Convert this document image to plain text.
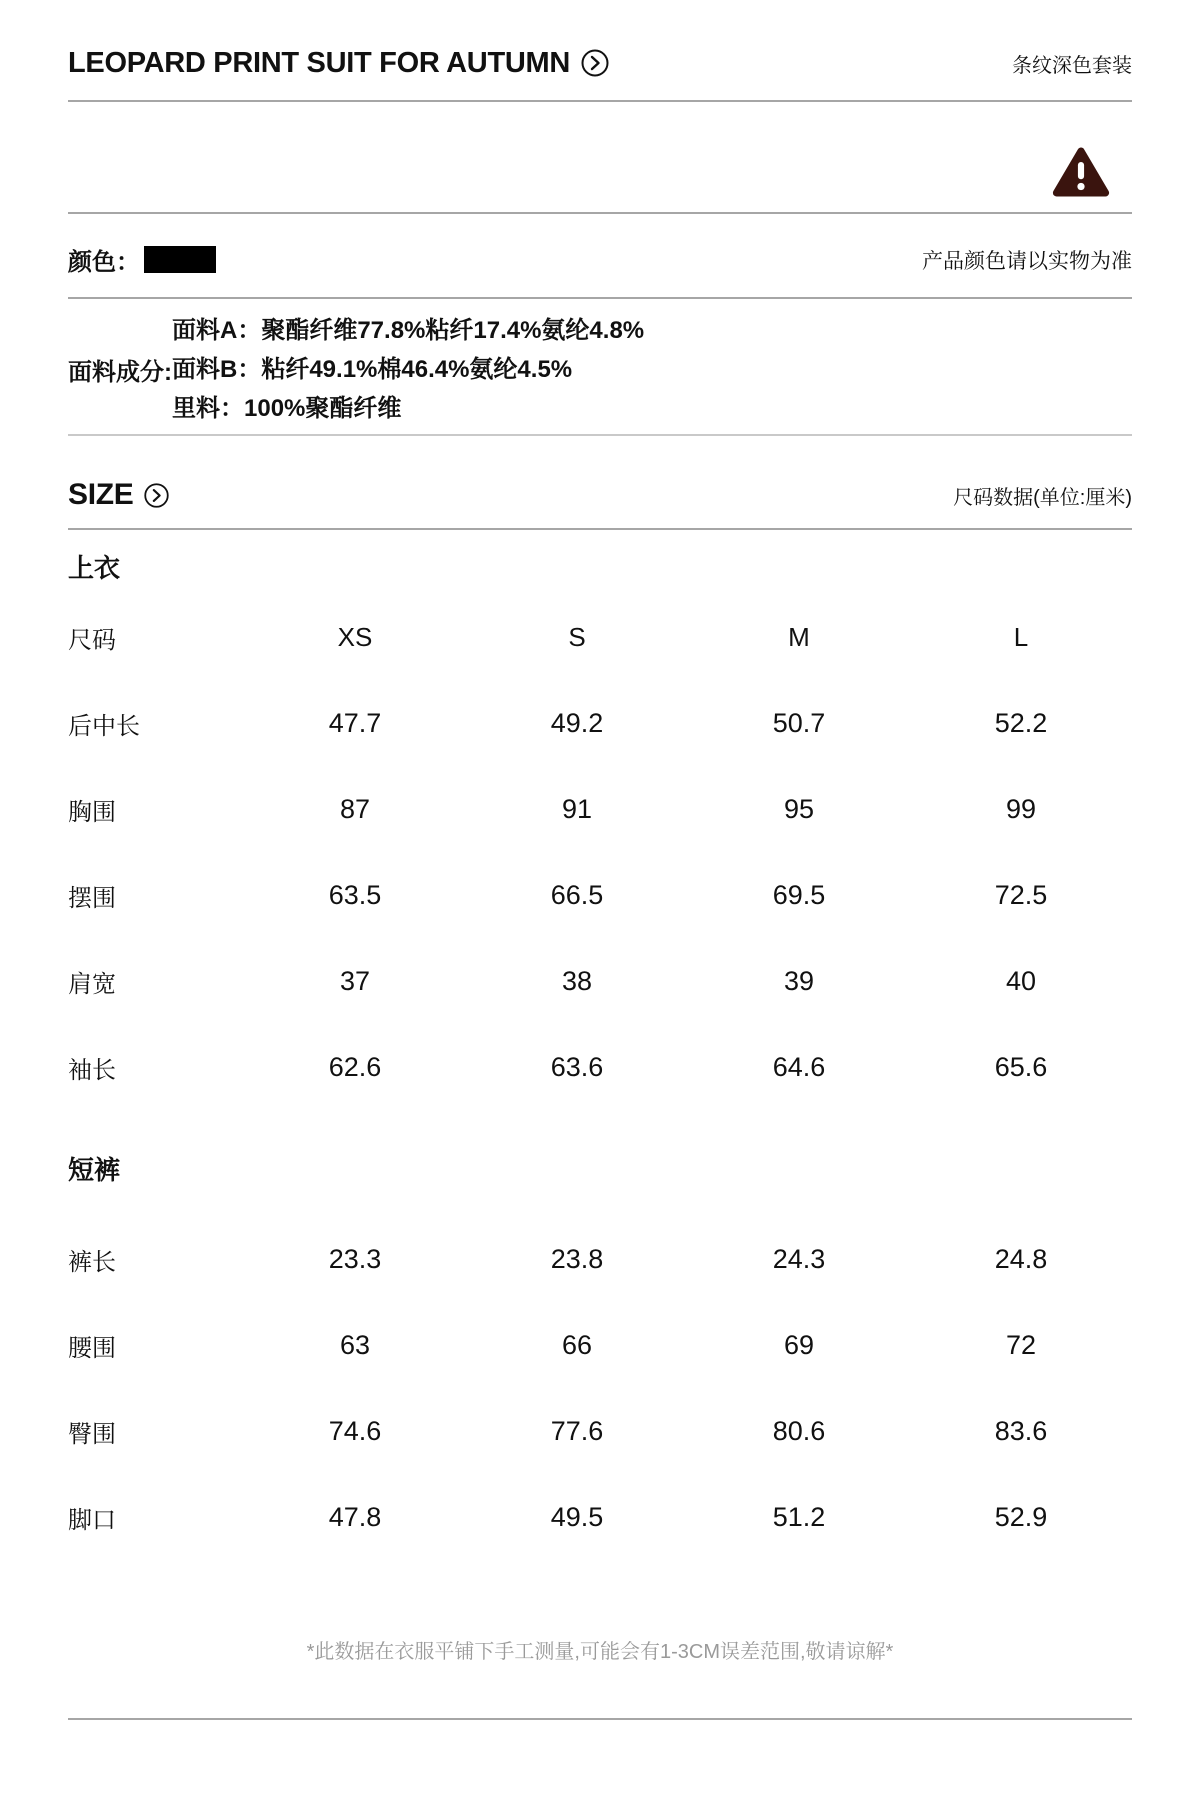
LEOPARD PRINT SUIT FOR AUTUMN	条纹深色套装
颜色：	产品颜色请以实物为准
面料成分:
面料A：聚酯纤维77.8%粘纤17.4%氨纶4.8%
面料B：粘纤49.1%棉46.4%氨纶4.5%
里料：100%聚酯纤维
SIZE	尺码数据(单位:厘米)
上衣
尺码	XS	S	M	L
后中长	47.7	49.2	50.7	52.2
胸围	87	91	95	99
摆围	63.5	66.5	69.5	72.5
肩宽	37	38	39	40
袖长	62.6	63.6	64.6	65.6
短裤
裤长	23.3	23.8	24.3	24.8
腰围	63	66	69	72
臀围	74.6	77.6	80.6	83.6
脚口	47.8	49.5	51.2	52.9
*此数据在衣服平铺下手工测量,可能会有1-3CM误差范围,敬请谅解*
